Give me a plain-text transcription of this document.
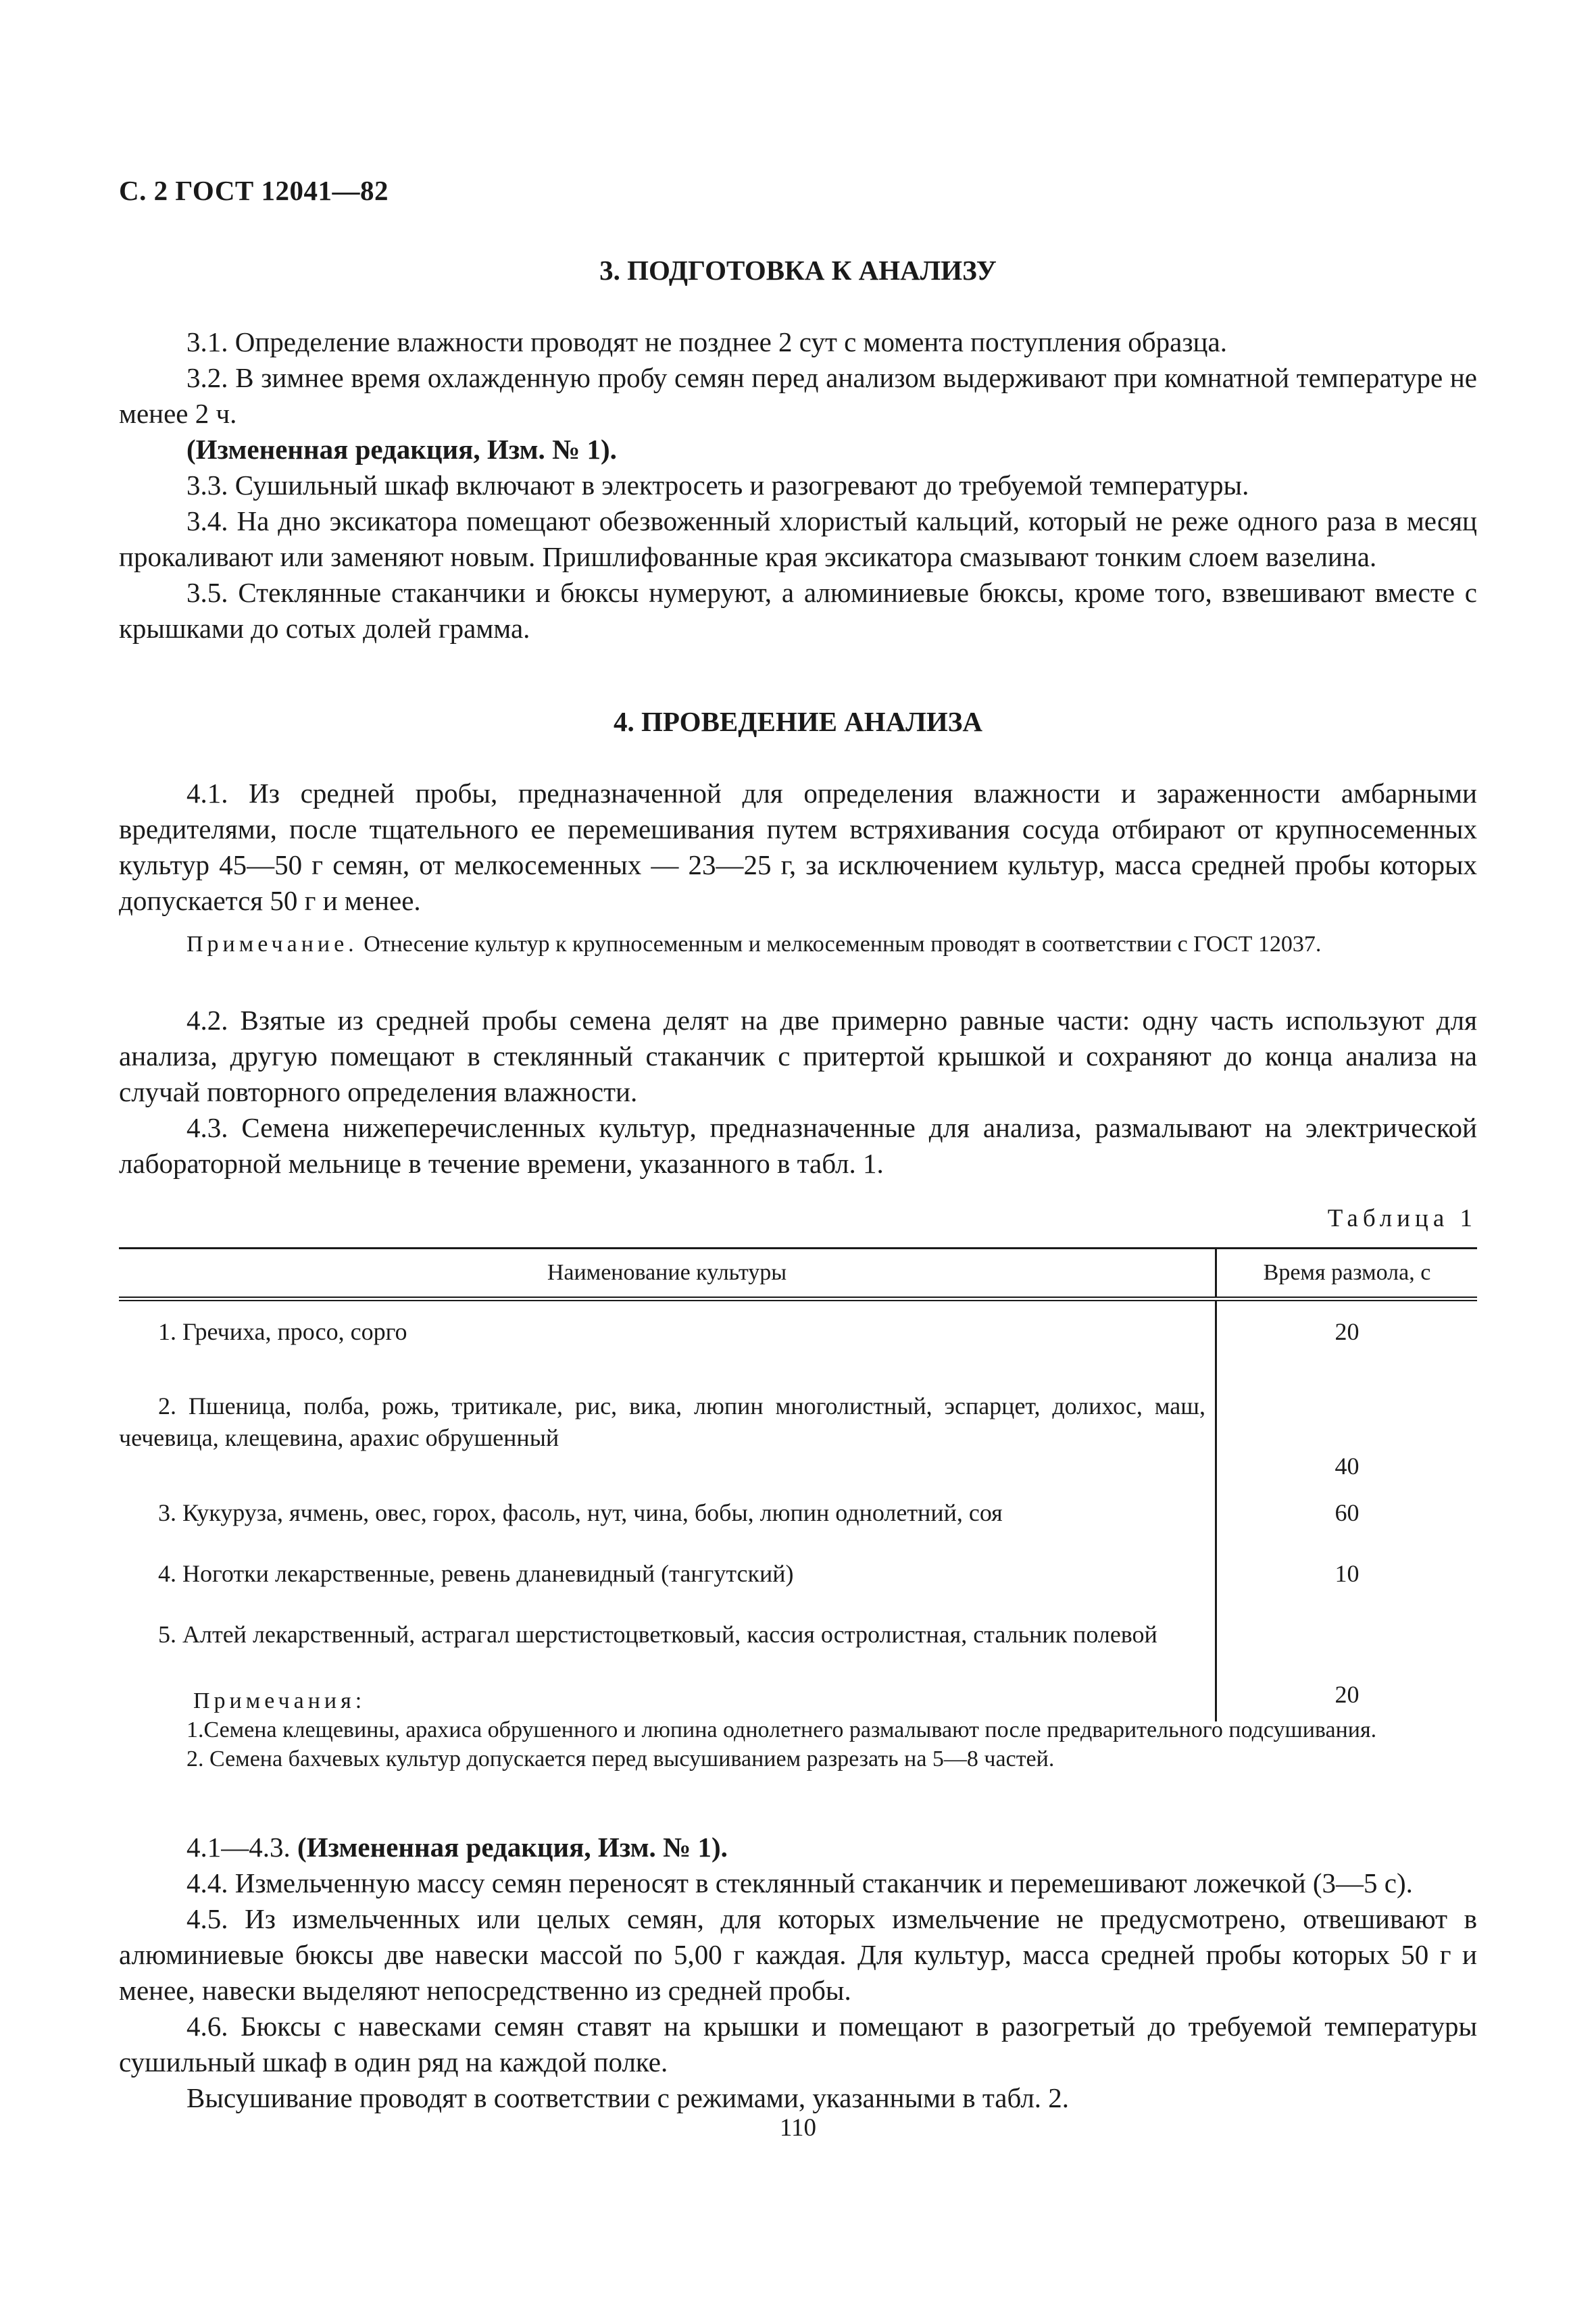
С. 2 ГОСТ 12041—82
3. ПОДГОТОВКА К АНАЛИЗУ

3.1. Определение влажности проводят не позднее 2 сут с момента поступления образца.

3.2. В зимнее время охлажденную пробу семян перед анализом выдерживают при комнатной температуре не менее 2 ч.

(Измененная редакция, Изм. № 1).

3.3. Сушильный шкаф включают в электросеть и разогревают до требуемой температуры.

3.4. На дно эксикатора помещают обезвоженный хлористый кальций, который не реже одного раза в месяц прокаливают или заменяют новым. Пришлифованные края эксикатора смазывают тонким слоем вазелина.

3.5. Стеклянные стаканчики и бюксы нумеруют, а алюминиевые бюксы, кроме того, взвешивают вместе с крышками до сотых долей грамма.

4. ПРОВЕДЕНИЕ АНАЛИЗА

4.1. Из средней пробы, предназначенной для определения влажности и зараженности амбарными вредителями, после тщательного ее перемешивания путем встряхивания сосуда отбирают от крупносеменных культур 45—50 г семян, от мелкосеменных — 23—25 г, за исключением культур, масса средней пробы которых допускается 50 г и менее.

Примечание. Отнесение культур к крупносеменным и мелкосеменным проводят в соответствии с ГОСТ 12037.

4.2. Взятые из средней пробы семена делят на две примерно равные части: одну часть используют для анализа, другую помещают в стеклянный стаканчик с притертой крышкой и сохраняют до конца анализа на случай повторного определения влажности.

4.3. Семена нижеперечисленных культур, предназначенные для анализа, размалывают на электрической лабораторной мельнице в течение времени, указанного в табл. 1.

Таблица 1
Наименование культуры	Время размола, с
1. Гречиха, просо, сорго	20
2. Пшеница, полба, рожь, тритикале, рис, вика, люпин многолистный, эспарцет, долихос, маш, чечевица, клещевина, арахис обрушенный	40
3. Кукуруза, ячмень, овес, горох, фасоль, нут, чина, бобы, люпин однолетний, соя	60
4. Ноготки лекарственные, ревень дланевидный (тангутский)	10
5. Алтей лекарственный, астрагал шерстистоцветковый, кассия остролистная, стальник полевой	20

Примечания:

1.Семена клещевины, арахиса обрушенного и люпина однолетнего размалывают после предварительного подсушивания.

2. Семена бахчевых культур допускается перед высушиванием разрезать на 5—8 частей.

4.1—4.3. (Измененная редакция, Изм. № 1).

4.4. Измельченную массу семян переносят в стеклянный стаканчик и перемешивают ложечкой (3—5 с).

4.5. Из измельченных или целых семян, для которых измельчение не предусмотрено, отвешивают в алюминиевые бюксы две навески массой по 5,00 г каждая. Для культур, масса средней пробы которых 50 г и менее, навески выделяют непосредственно из средней пробы.

4.6. Бюксы с навесками семян ставят на крышки и помещают в разогретый до требуемой температуры сушильный шкаф в один ряд на каждой полке.

Высушивание проводят в соответствии с режимами, указанными в табл. 2.

110
